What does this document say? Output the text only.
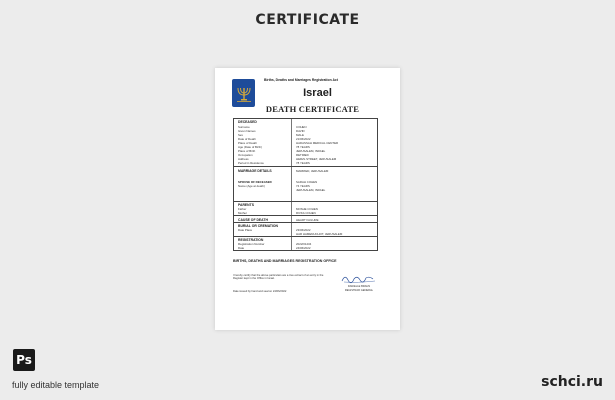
CERTIFICATE
Births, Deaths and Marriages Registration Act
Israel
DEATH CERTIFICATE
DECEASED
Surname	COHEN
Given Names	DAVID
Sex	MALE
Date of Death	21/06/2022
Place of Death	HADASSAH MEDICAL CENTER
Age (Date of Birth)	78 YEARS
Place of Birth	JERUSALEM, ISRAEL
Occupation	RETIRED
Address	HERZL STREET, JERUSALEM
Period in Residence	78 YEARS
MARRIAGE DETAILS	MARRIED, JERUSALEM
SPOUSE OF DECEASED	SARAH COHEN
Name (Age at death)	74 YEARS
JERUSALEM, ISRAEL
PARENTS
Father	MOSHE COHEN
Mother	RIVKA COHEN
CAUSE OF DEATH	HEART FAILURE
BURIAL OR CREMATION
Date Place	23/06/2022
HAR HAMENUCHOT, JERUSALEM
REGISTRATION
Registration Number	2022/01234
Date	24/06/2022
BIRTHS, DEATHS AND MARRIAGES REGISTRATION OFFICE
I hereby certify that the above particulars are a true extract of an entry in the Register kept in the Office in Israel.
DANIELLE BRAUN
REGISTRAR GENERAL
Date issued by hand and seal on 24/06/2022
Ps
fully editable template	schci.ru
